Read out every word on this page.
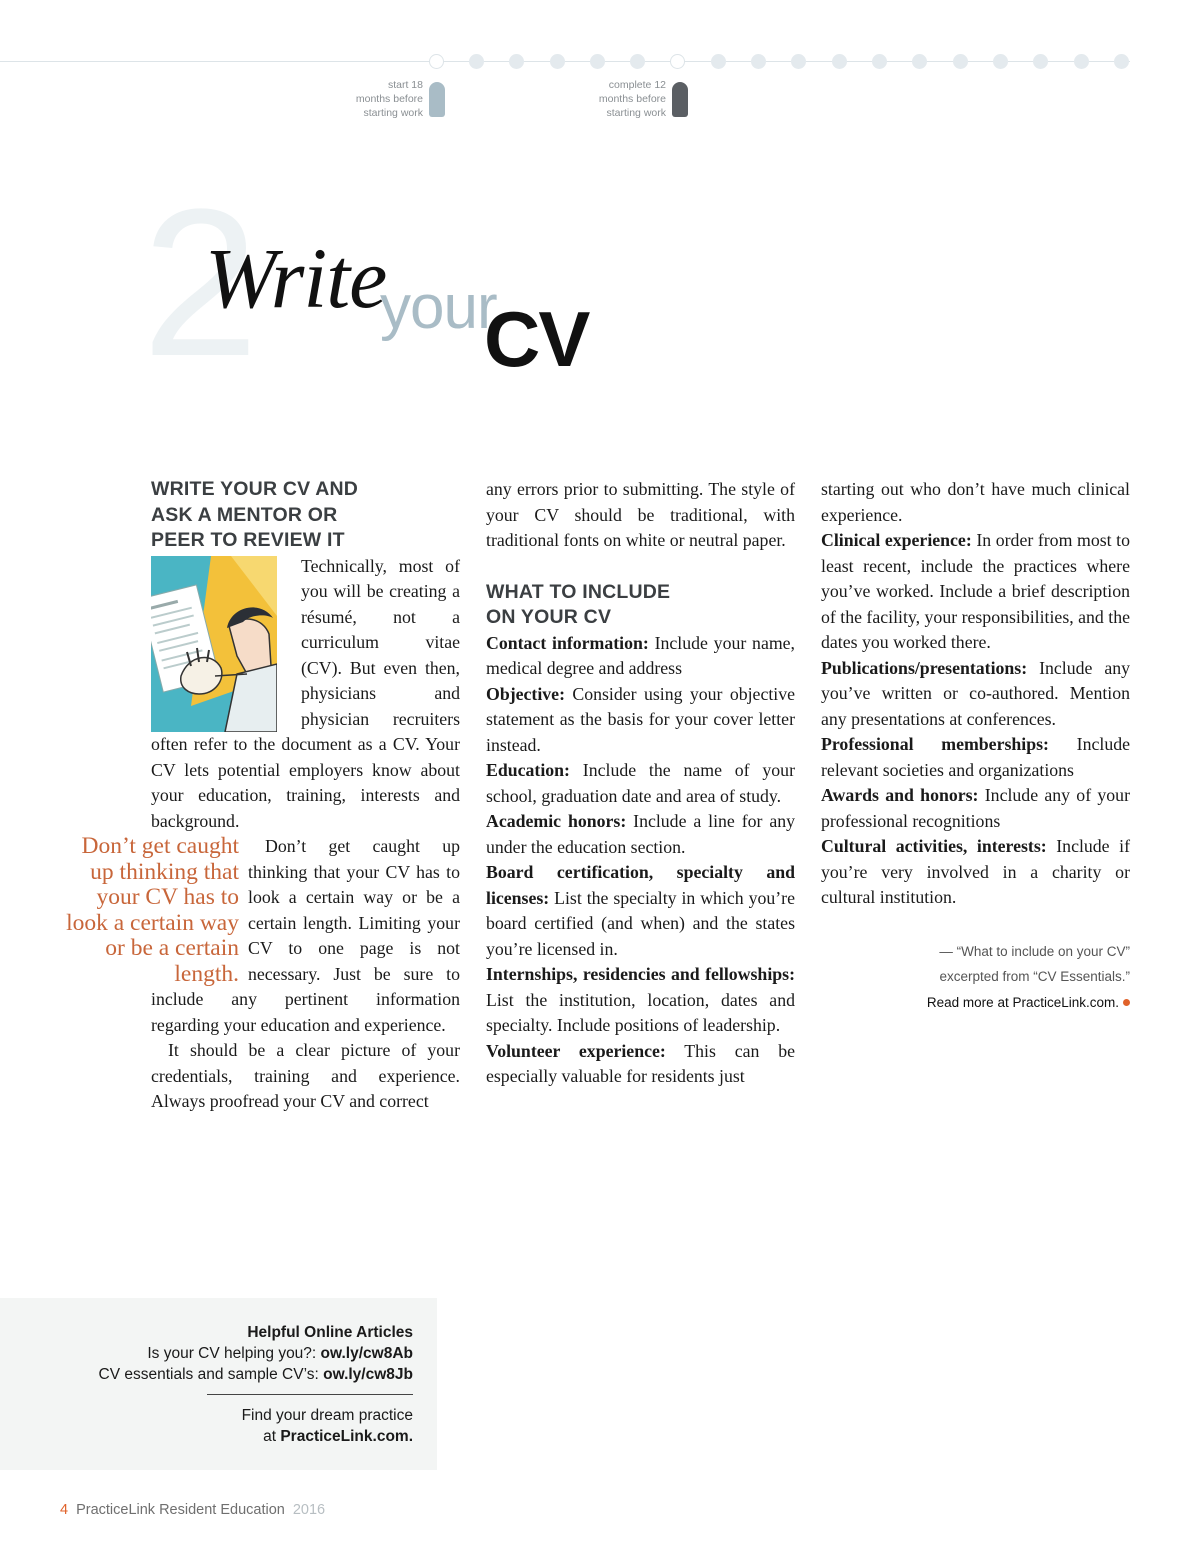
start 18
months before
starting work
complete 12
months before
starting work
2
Write
your
CV
WRITE YOUR CV AND
ASK A MENTOR OR
PEER TO REVIEW IT

Technically, most of you will be creating a résumé, not a curriculum vitae (CV). But even then, physicians and physician recruiters often refer to the document as a CV. Your CV lets potential employers know about your education, training, interests and background.

Don’t get caught up thinking that your CV has to look a certain way or be a certain length.

Don’t get caught up thinking that your CV has to look a certain way or be a certain length. Limiting your CV to one page is not necessary. Just be sure to include any pertinent information regarding your education and experience.

It should be a clear picture of your credentials, training and experience. Always proofread your CV and correct

any errors prior to submitting. The style of your CV should be traditional, with traditional fonts on white or neutral paper.

WHAT TO INCLUDE
ON YOUR CV

Contact information: Include your name, medical degree and address

Objective: Consider using your objective statement as the basis for your cover letter instead.

Education: Include the name of your school, graduation date and area of study.

Academic honors: Include a line for any under the education section.

Board certification, specialty and licenses: List the specialty in which you’re board certified (and when) and the states you’re licensed in.

Internships, residencies and fellowships: List the institution, location, dates and specialty. Include positions of leadership.

Volunteer experience: This can be especially valuable for residents just

starting out who don’t have much clinical experience.

Clinical experience: In order from most to least recent, include the practices where you’ve worked. Include a brief description of the facility, your responsibilities, and the dates you worked there.

Publications/presentations: Include any you’ve written or co-authored. Mention any presentations at conferences.

Professional memberships: Include relevant societies and organizations

Awards and honors: Include any of your professional recognitions

Cultural activities, interests: Include if you’re very involved in a charity or cultural institution.

— “What to include on your CV”
excerpted from “CV Essentials.”
Read more at PracticeLink.com.
Helpful Online Articles
Is your CV helping you?: ow.ly/cw8Ab
CV essentials and sample CV’s: ow.ly/cw8Jb
Find your dream practice
at PracticeLink.com.
4 PracticeLink Resident Education 2016
